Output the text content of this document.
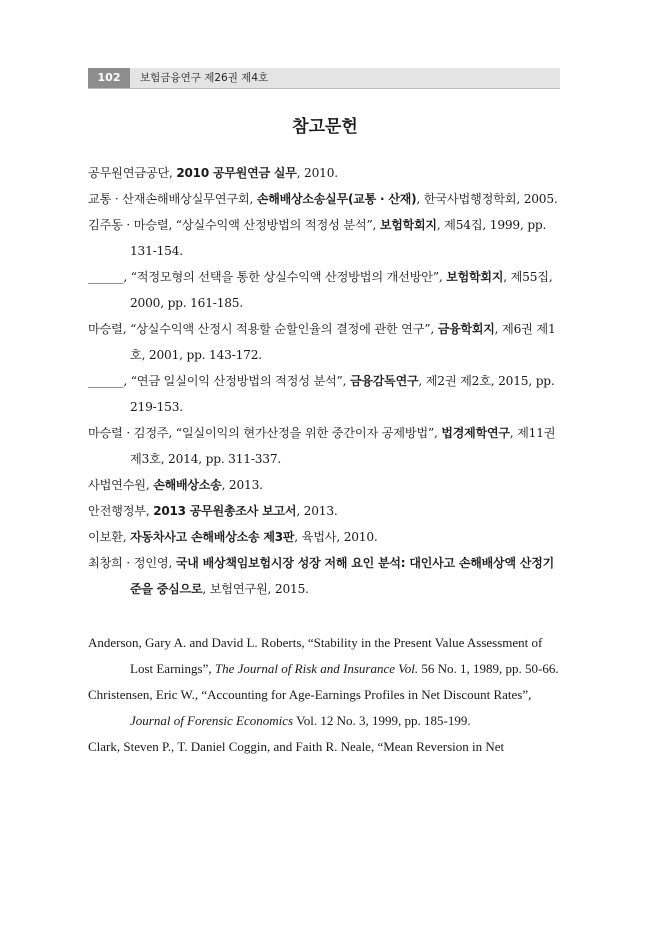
102	보험금융연구 제26권 제4호
참고문헌
공무원연금공단, 2010 공무원연금 실무, 2010.
교통 · 산재손해배상실무연구회, 손해배상소송실무(교통 · 산재), 한국사법행정학회, 2005.
김주동 · 마승렬, “상실수익액 산정방법의 적정성 분석”, 보험학회지, 제54집, 1999, pp. 131-154.
______, “적정모형의 선택을 통한 상실수익액 산정방법의 개선방안”, 보험학회지, 제55집, 2000, pp. 161-185.
마승렬, “상실수익액 산정시 적용할 순할인율의 결정에 관한 연구”, 금융학회지, 제6권 제1호, 2001, pp. 143-172.
______, “연금 일실이익 산정방법의 적정성 분석”, 금융감독연구, 제2권 제2호, 2015, pp. 219-153.
마승렬 · 김정주, “일실이익의 현가산정을 위한 중간이자 공제방법”, 법경제학연구, 제11권 제3호, 2014, pp. 311-337.
사법연수원, 손해배상소송, 2013.
안전행정부, 2013 공무원총조사 보고서, 2013.
이보환, 자동차사고 손해배상소송 제3판, 육법사, 2010.
최창희 · 정인영, 국내 배상책임보험시장 성장 저해 요인 분석: 대인사고 손해배상액 산정기준을 중심으로, 보험연구원, 2015.
Anderson, Gary A. and David L. Roberts, “Stability in the Present Value Assessment of Lost Earnings”, The Journal of Risk and Insurance Vol. 56 No. 1, 1989, pp. 50-66.
Christensen, Eric W., “Accounting for Age-Earnings Profiles in Net Discount Rates”, Journal of Forensic Economics Vol. 12 No. 3, 1999, pp. 185-199.
Clark, Steven P., T. Daniel Coggin, and Faith R. Neale, “Mean Reversion in Net
